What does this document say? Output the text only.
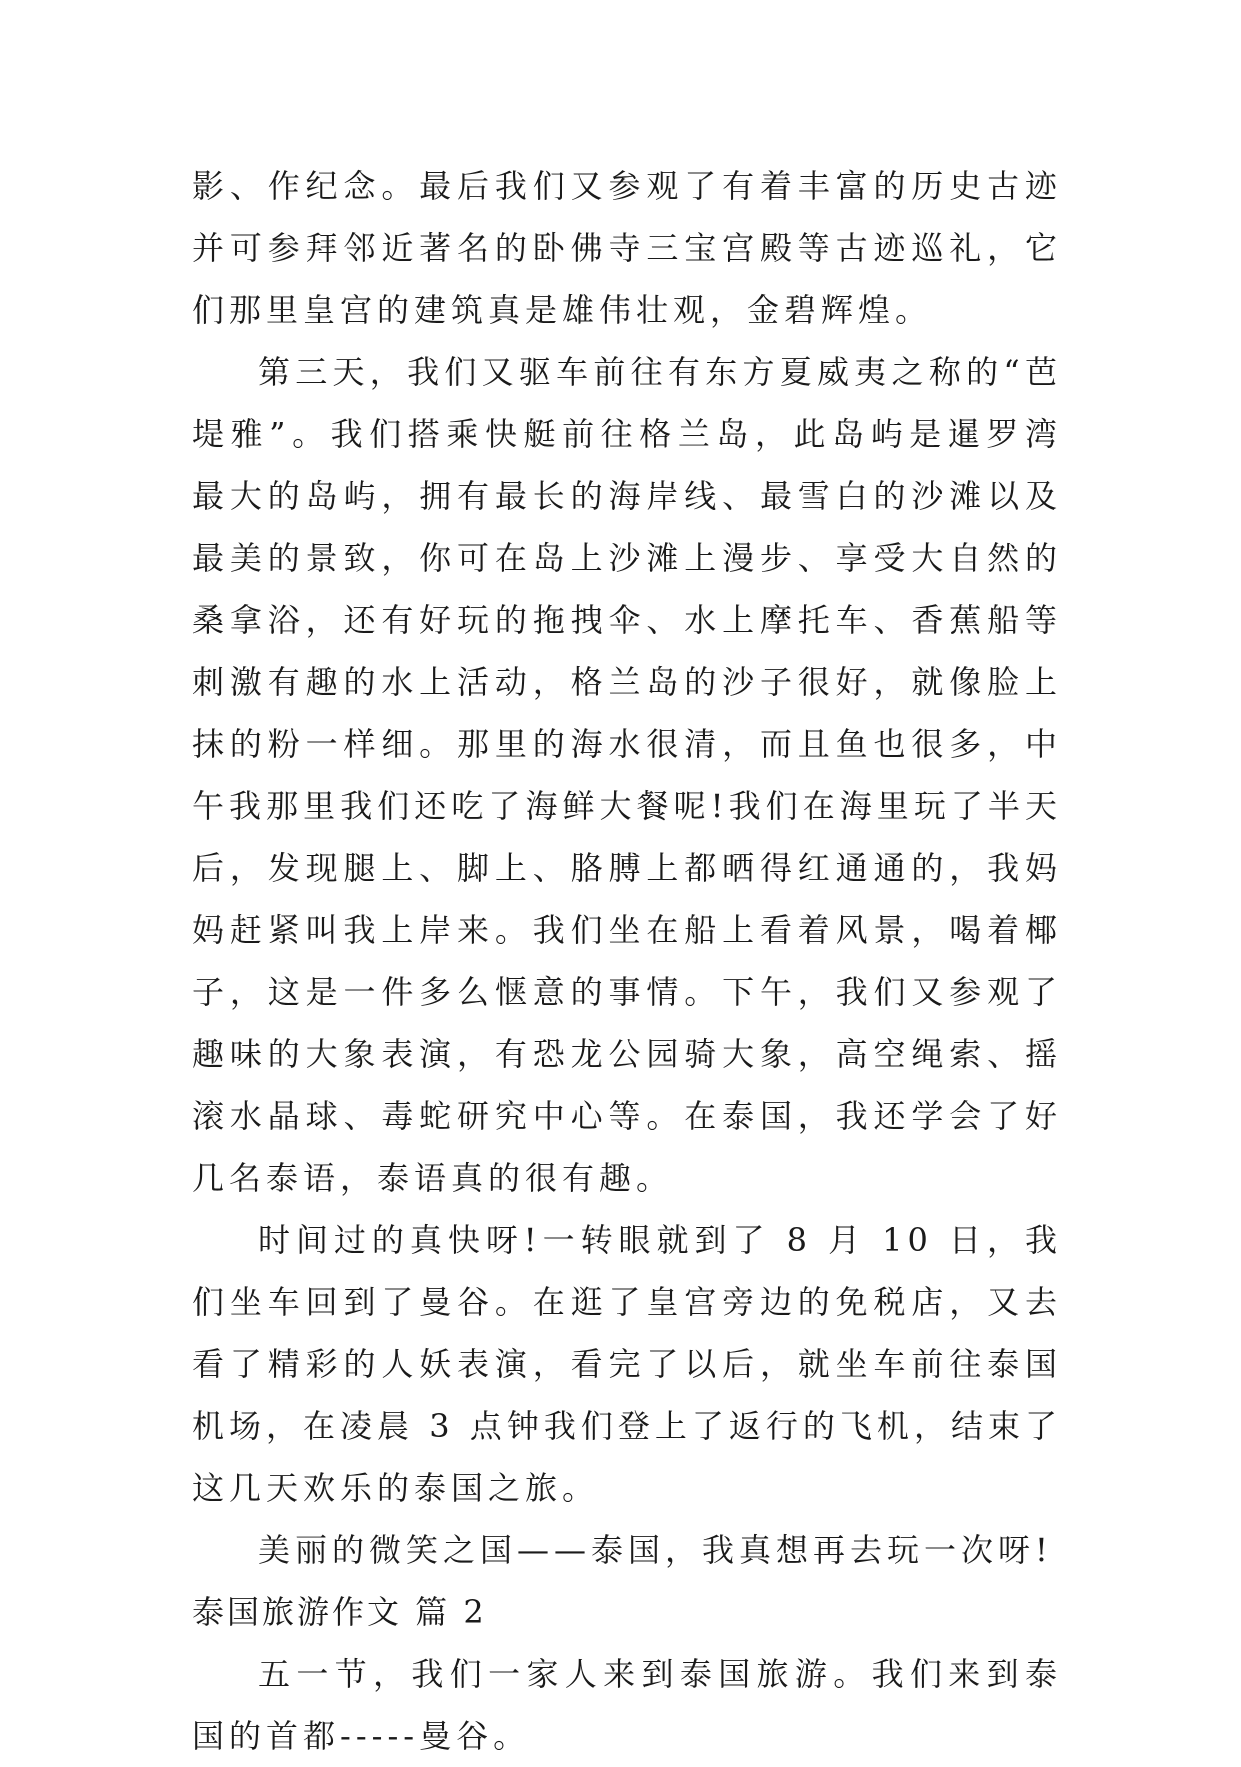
影、作纪念。最后我们又参观了有着丰富的历史古迹并可参拜邻近著名的卧佛寺三宝宫殿等古迹巡礼，它们那里皇宫的建筑真是雄伟壮观，金碧辉煌。

第三天，我们又驱车前往有东方夏威夷之称的“芭堤雅”。我们搭乘快艇前往格兰岛，此岛屿是暹罗湾最大的岛屿，拥有最长的海岸线、最雪白的沙滩以及最美的景致，你可在岛上沙滩上漫步、享受大自然的桑拿浴，还有好玩的拖拽伞、水上摩托车、香蕉船等刺激有趣的水上活动，格兰岛的沙子很好，就像脸上抹的粉一样细。那里的海水很清，而且鱼也很多，中午我那里我们还吃了海鲜大餐呢!我们在海里玩了半天后，发现腿上、脚上、胳膊上都晒得红通通的，我妈妈赶紧叫我上岸来。我们坐在船上看着风景，喝着椰子，这是一件多么惬意的事情。下午，我们又参观了趣味的大象表演，有恐龙公园骑大象，高空绳索、摇滚水晶球、毒蛇研究中心等。在泰国，我还学会了好几名泰语，泰语真的很有趣。

时间过的真快呀!一转眼就到了 8 月 10 日，我们坐车回到了曼谷。在逛了皇宫旁边的免税店，又去看了精彩的人妖表演，看完了以后，就坐车前往泰国机场，在凌晨 3 点钟我们登上了返行的飞机，结束了这几天欢乐的泰国之旅。

美丽的微笑之国——泰国，我真想再去玩一次呀!

泰国旅游作文 篇 2

五一节，我们一家人来到泰国旅游。我们来到泰国的首都-----曼谷。
